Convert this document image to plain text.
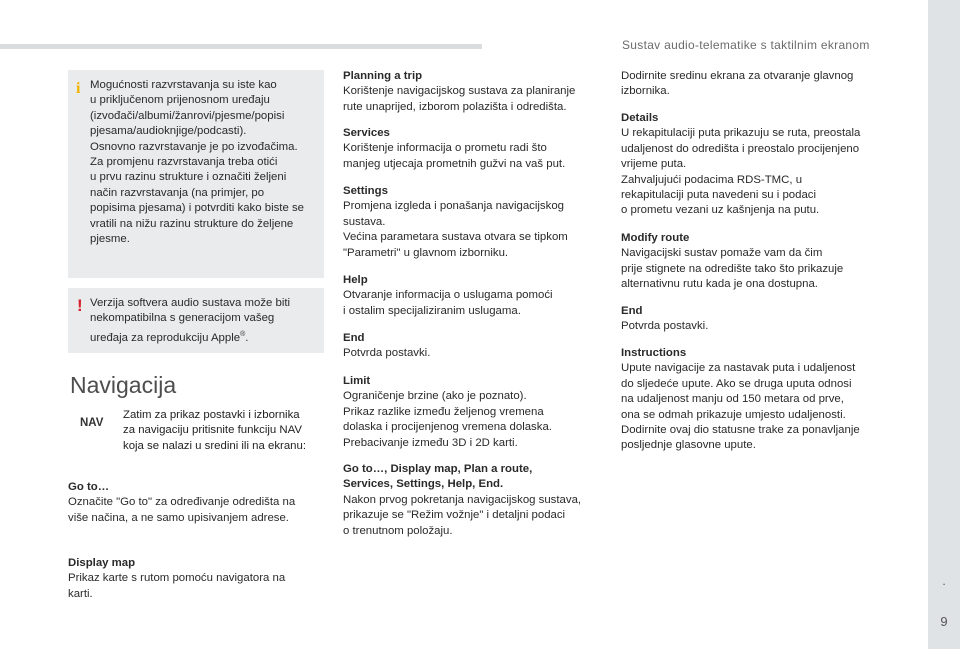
Sustav audio-telematike s taktilnim ekranom
.
9
i Mogućnosti razvrstavanja su iste kao
u priključenom prijenosnom uređaju
(izvođači/albumi/žanrovi/pjesme/popisi
pjesama/audioknjige/podcasti).
Osnovno razvrstavanje je po izvođačima.
Za promjenu razvrstavanja treba otići
u prvu razinu strukture i označiti željeni
način razvrstavanja (na primjer, po
popisima pjesama) i potvrditi kako biste se
vratili na nižu razinu strukture do željene
pjesme.
! Verzija softvera audio sustava može biti
nekompatibilna s generacijom vašeg
uređaja za reprodukciju Apple®.
Navigacija
NAV
Zatim za prikaz postavki i izbornika
za navigaciju pritisnite funkciju NAV
koja se nalazi u sredini ili na ekranu:
Go to…
Označite "Go to" za određivanje odredišta na
više načina, a ne samo upisivanjem adrese.
Display map
Prikaz karte s rutom pomoću navigatora na
karti.
Planning a trip
Korištenje navigacijskog sustava za planiranje
rute unaprijed, izborom polazišta i odredišta.
Services
Korištenje informacija o prometu radi što
manjeg utjecaja prometnih gužvi na vaš put.
Settings
Promjena izgleda i ponašanja navigacijskog
sustava.
Većina parametara sustava otvara se tipkom
"Parametri" u glavnom izborniku.
Help
Otvaranje informacija o uslugama pomoći
i ostalim specijaliziranim uslugama.
End
Potvrda postavki.
Limit
Ograničenje brzine (ako je poznato).
Prikaz razlike između željenog vremena
dolaska i procijenjenog vremena dolaska.
Prebacivanje između 3D i 2D karti.
Go to…, Display map, Plan a route,
Services, Settings, Help, End.
Nakon prvog pokretanja navigacijskog sustava,
prikazuje se "Režim vožnje" i detaljni podaci
o trenutnom položaju.
Dodirnite sredinu ekrana za otvaranje glavnog
izbornika.
Details
U rekapitulaciji puta prikazuju se ruta, preostala
udaljenost do odredišta i preostalo procijenjeno
vrijeme puta.
Zahvaljujući podacima RDS-TMC, u
rekapitulaciji puta navedeni su i podaci
o prometu vezani uz kašnjenja na putu.
Modify route
Navigacijski sustav pomaže vam da čim
prije stignete na odredište tako što prikazuje
alternativnu rutu kada je ona dostupna.
End
Potvrda postavki.
Instructions
Upute navigacije za nastavak puta i udaljenost
do sljedeće upute. Ako se druga uputa odnosi
na udaljenost manju od 150 metara od prve,
ona se odmah prikazuje umjesto udaljenosti.
Dodirnite ovaj dio statusne trake za ponavljanje
posljednje glasovne upute.
